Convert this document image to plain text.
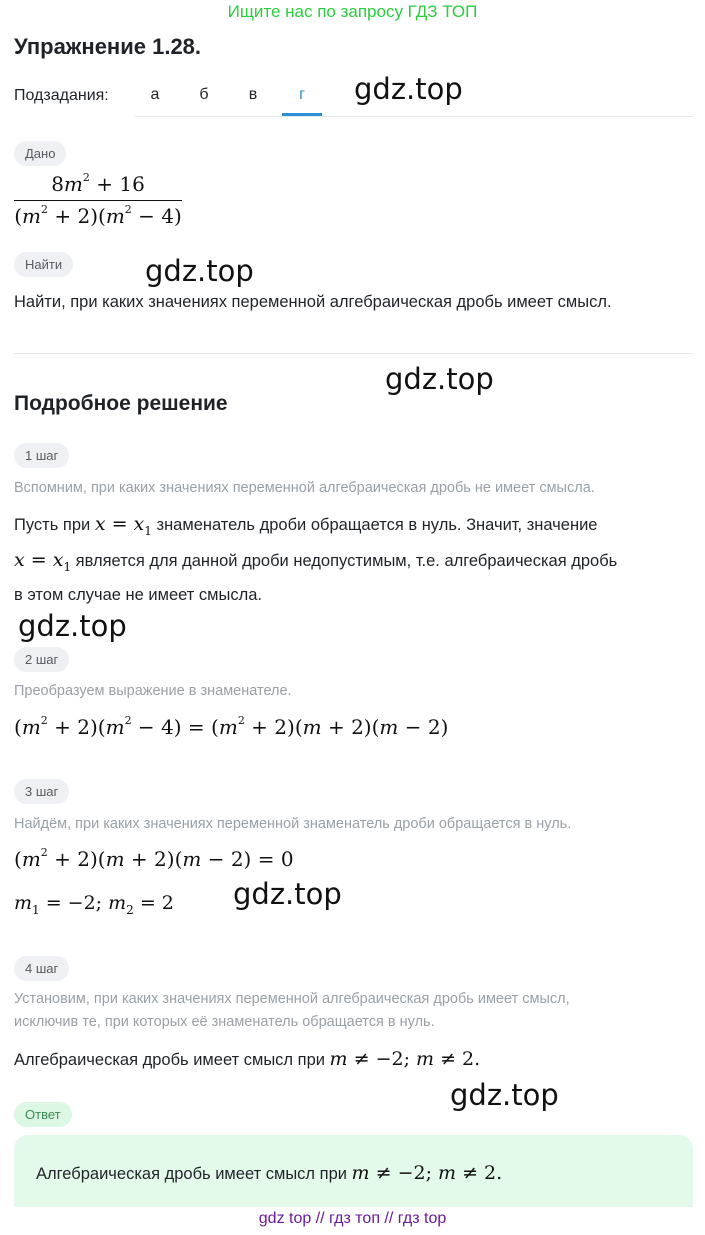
Ищите нас по запросу ГДЗ ТОП
Упражнение 1.28.
Подзадания:	а	б	в	г	gdz.top
Дано
$8m^2 + 16$
$(m^2 + 2)(m^2 - 4)$
Найти	gdz.top
Найти, при каких значениях переменной алгебраическая дробь имеет смысл.
gdz.top
Подробное решение
1 шаг
Вспомним, при каких значениях переменной алгебраическая дробь не имеет смысла.
Пусть при $x = x_1$ знаменатель дроби обращается в нуль. Значит, значение
$x = x_1$ является для данной дроби недопустимым, т.е. алгебраическая дробь
в этом случае не имеет смысла.
gdz.top
2 шаг
Преобразуем выражение в знаменателе.
$(m^2 + 2)(m^2 - 4) = (m^2 + 2)(m + 2)(m - 2)$
3 шаг
Найдём, при каких значениях переменной знаменатель дроби обращается в нуль.
$(m^2 + 2)(m + 2)(m - 2) = 0$
$m_1 = -2$; $m_2 = 2$ gdz.top
4 шаг
Установим, при каких значениях переменной алгебраическая дробь имеет смысл,
исключив те, при которых её знаменатель обращается в нуль.
Алгебраическая дробь имеет смысл при m ≠ −2; m ≠ 2.
gdz.top
Ответ
Алгебраическая дробь имеет смысл при m ≠ −2; m ≠ 2.
gdz top // гдз топ // гдз top
